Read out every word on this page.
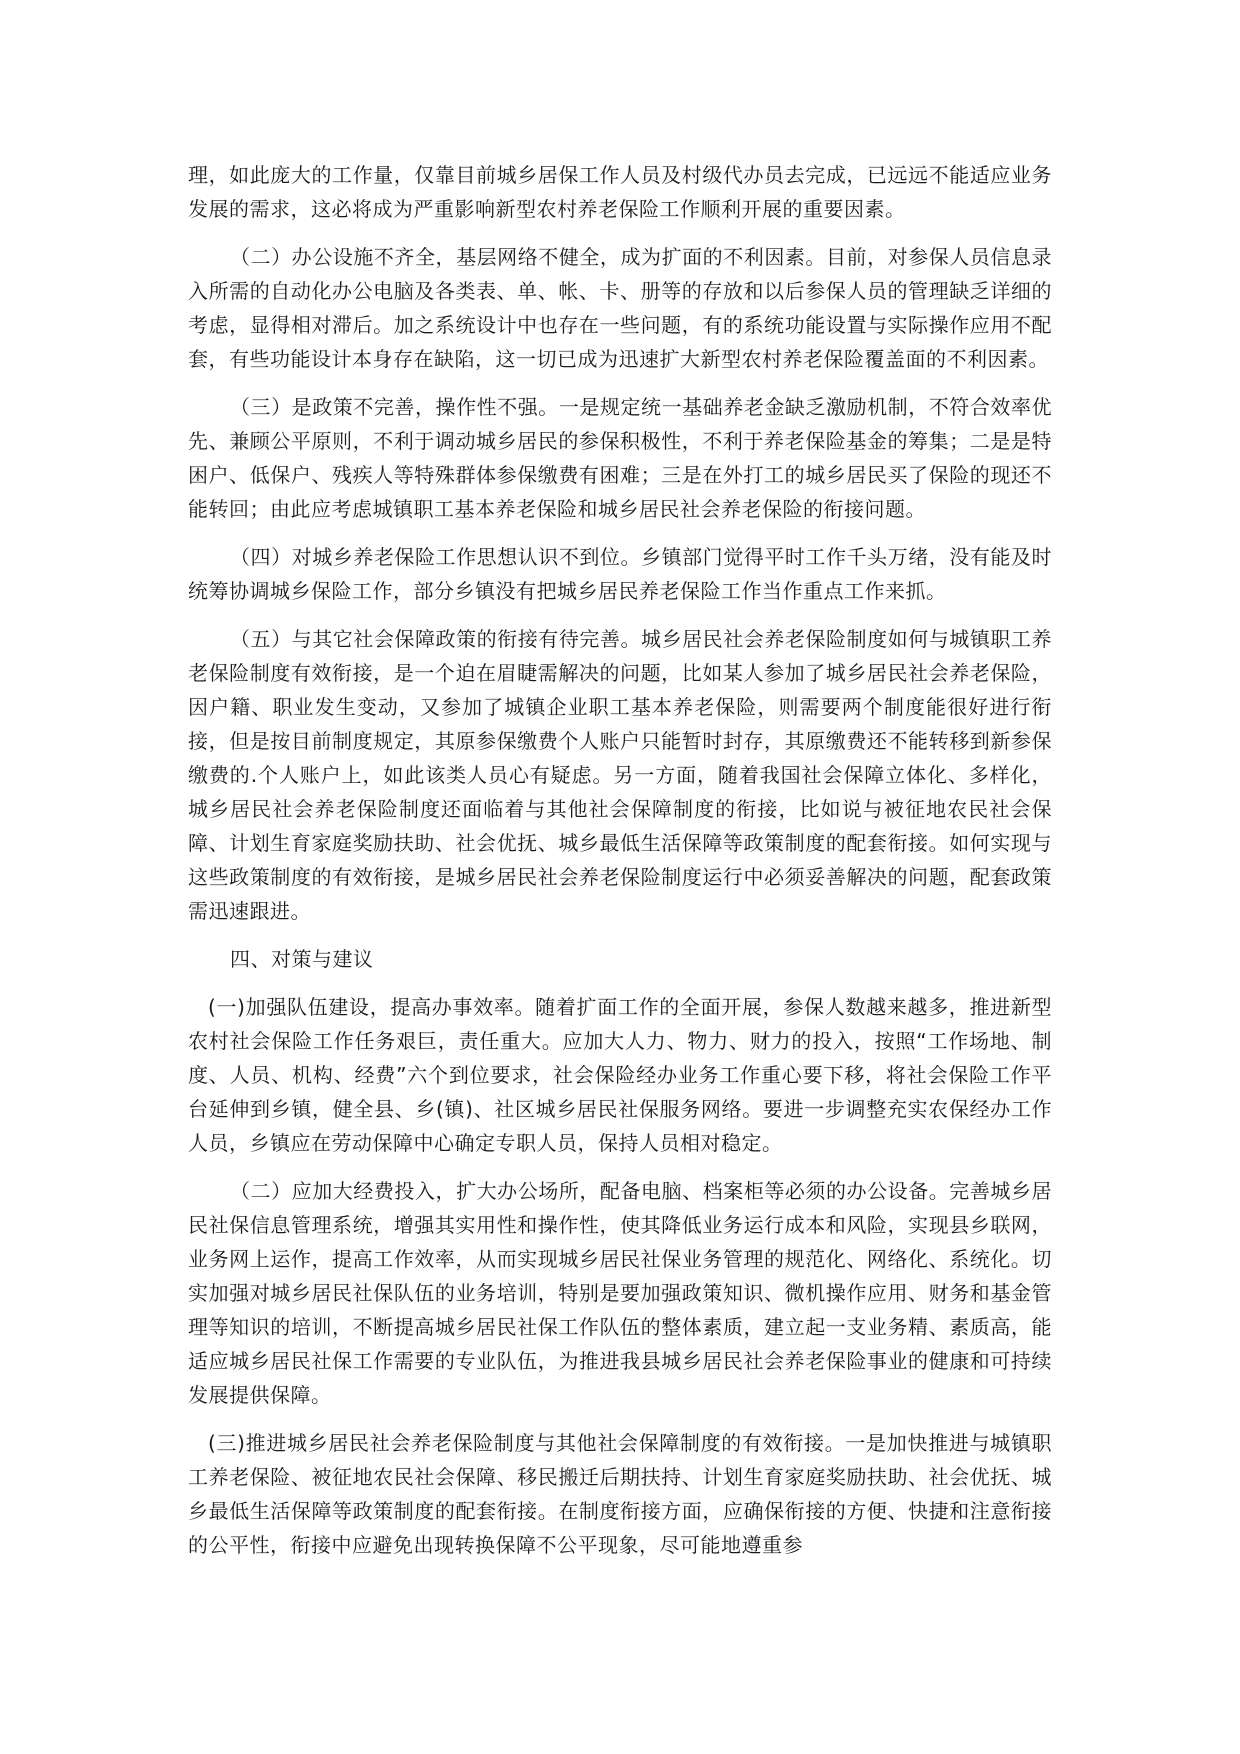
理，如此庞大的工作量，仅靠目前城乡居保工作人员及村级代办员去完成，已远远不能适应业务发展的需求，这必将成为严重影响新型农村养老保险工作顺利开展的重要因素。

（二）办公设施不齐全，基层网络不健全，成为扩面的不利因素。目前，对参保人员信息录入所需的自动化办公电脑及各类表、单、帐、卡、册等的存放和以后参保人员的管理缺乏详细的考虑，显得相对滞后。加之系统设计中也存在一些问题，有的系统功能设置与实际操作应用不配套，有些功能设计本身存在缺陷，这一切已成为迅速扩大新型农村养老保险覆盖面的不利因素。

（三）是政策不完善，操作性不强。一是规定统一基础养老金缺乏激励机制，不符合效率优先、兼顾公平原则，不利于调动城乡居民的参保积极性，不利于养老保险基金的筹集；二是是特困户、低保户、残疾人等特殊群体参保缴费有困难；三是在外打工的城乡居民买了保险的现还不能转回；由此应考虑城镇职工基本养老保险和城乡居民社会养老保险的衔接问题。

（四）对城乡养老保险工作思想认识不到位。乡镇部门觉得平时工作千头万绪，没有能及时统筹协调城乡保险工作，部分乡镇没有把城乡居民养老保险工作当作重点工作来抓。

（五）与其它社会保障政策的衔接有待完善。城乡居民社会养老保险制度如何与城镇职工养老保险制度有效衔接，是一个迫在眉睫需解决的问题，比如某人参加了城乡居民社会养老保险，因户籍、职业发生变动，又参加了城镇企业职工基本养老保险，则需要两个制度能很好进行衔接，但是按目前制度规定，其原参保缴费个人账户只能暂时封存，其原缴费还不能转移到新参保缴费的.个人账户上，如此该类人员心有疑虑。另一方面，随着我国社会保障立体化、多样化，城乡居民社会养老保险制度还面临着与其他社会保障制度的衔接，比如说与被征地农民社会保障、计划生育家庭奖励扶助、社会优抚、城乡最低生活保障等政策制度的配套衔接。如何实现与这些政策制度的有效衔接，是城乡居民社会养老保险制度运行中必须妥善解决的问题，配套政策需迅速跟进。

四、对策与建议

(一)加强队伍建设，提高办事效率。随着扩面工作的全面开展，参保人数越来越多，推进新型农村社会保险工作任务艰巨，责任重大。应加大人力、物力、财力的投入，按照“工作场地、制度、人员、机构、经费”六个到位要求，社会保险经办业务工作重心要下移，将社会保险工作平台延伸到乡镇，健全县、乡(镇)、社区城乡居民社保服务网络。要进一步调整充实农保经办工作人员，乡镇应在劳动保障中心确定专职人员，保持人员相对稳定。

（二）应加大经费投入，扩大办公场所，配备电脑、档案柜等必须的办公设备。完善城乡居民社保信息管理系统，增强其实用性和操作性，使其降低业务运行成本和风险，实现县乡联网，业务网上运作，提高工作效率，从而实现城乡居民社保业务管理的规范化、网络化、系统化。切实加强对城乡居民社保队伍的业务培训，特别是要加强政策知识、微机操作应用、财务和基金管理等知识的培训，不断提高城乡居民社保工作队伍的整体素质，建立起一支业务精、素质高，能适应城乡居民社保工作需要的专业队伍，为推进我县城乡居民社会养老保险事业的健康和可持续发展提供保障。

(三)推进城乡居民社会养老保险制度与其他社会保障制度的有效衔接。一是加快推进与城镇职工养老保险、被征地农民社会保障、移民搬迁后期扶持、计划生育家庭奖励扶助、社会优抚、城乡最低生活保障等政策制度的配套衔接。在制度衔接方面，应确保衔接的方便、快捷和注意衔接的公平性，衔接中应避免出现转换保障不公平现象，尽可能地遵重参
